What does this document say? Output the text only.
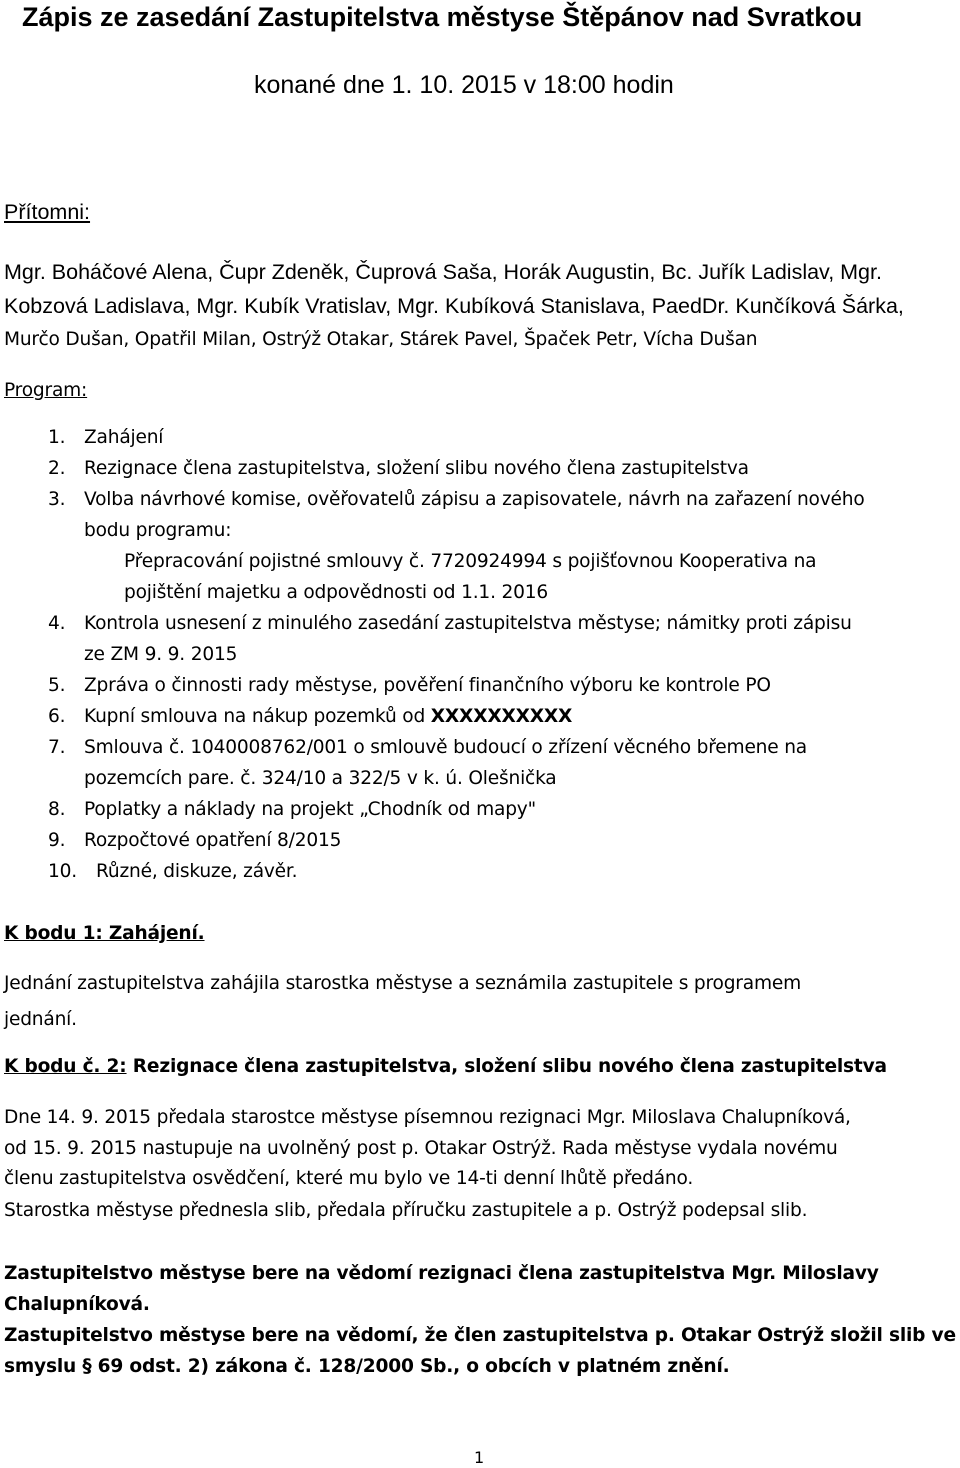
Zápis ze zasedání Zastupitelstva městyse Štěpánov nad Svratkou
konané dne 1. 10. 2015 v 18:00 hodin
Přítomni:
Mgr. Boháčové Alena, Čupr Zdeněk, Čuprová Saša, Horák Augustin, Bc. Juřík Ladislav, Mgr.
Kobzová Ladislava, Mgr. Kubík Vratislav, Mgr. Kubíková Stanislava, PaedDr. Kunčíková Šárka,
Murčo Dušan, Opatřil Milan, Ostrýž Otakar, Stárek Pavel, Špaček Petr, Vícha Dušan
Program:
1. Zahájení
2. Rezignace člena zastupitelstva, složení slibu nového člena zastupitelstva
3. Volba návrhové komise, ověřovatelů zápisu a zapisovatele, návrh na zařazení nového
bodu programu:
Přepracování pojistné smlouvy č. 7720924994 s pojišťovnou Kooperativa na
pojištění majetku a odpovědnosti od 1.1. 2016
4. Kontrola usnesení z minulého zasedání zastupitelstva městyse; námitky proti zápisu
ze ZM 9. 9. 2015
5. Zpráva o činnosti rady městyse, pověření finančního výboru ke kontrole PO
6. Kupní smlouva na nákup pozemků od XXXXXXXXXX
7. Smlouva č. 1040008762/001 o smlouvě budoucí o zřízení věcného břemene na
pozemcích pare. č. 324/10 a 322/5 v k. ú. Olešnička
8. Poplatky a náklady na projekt „Chodník od mapy"
9. Rozpočtové opatření 8/2015
10. Různé, diskuze, závěr.
K bodu 1: Zahájení.
Jednání zastupitelstva zahájila starostka městyse a seznámila zastupitele s programem
jednání.
K bodu č. 2: Rezignace člena zastupitelstva, složení slibu nového člena zastupitelstva
Dne 14. 9. 2015 předala starostce městyse písemnou rezignaci Mgr. Miloslava Chalupníková,
od 15. 9. 2015 nastupuje na uvolněný post p. Otakar Ostrýž. Rada městyse vydala novému
členu zastupitelstva osvědčení, které mu bylo ve 14-ti denní lhůtě předáno.
Starostka městyse přednesla slib, předala příručku zastupitele a p. Ostrýž podepsal slib.
Zastupitelstvo městyse bere na vědomí rezignaci člena zastupitelstva Mgr. Miloslavy
Chalupníková.
Zastupitelstvo městyse bere na vědomí, že člen zastupitelstva p. Otakar Ostrýž složil slib ve
smyslu § 69 odst. 2) zákona č. 128/2000 Sb., o obcích v platném znění.
1
